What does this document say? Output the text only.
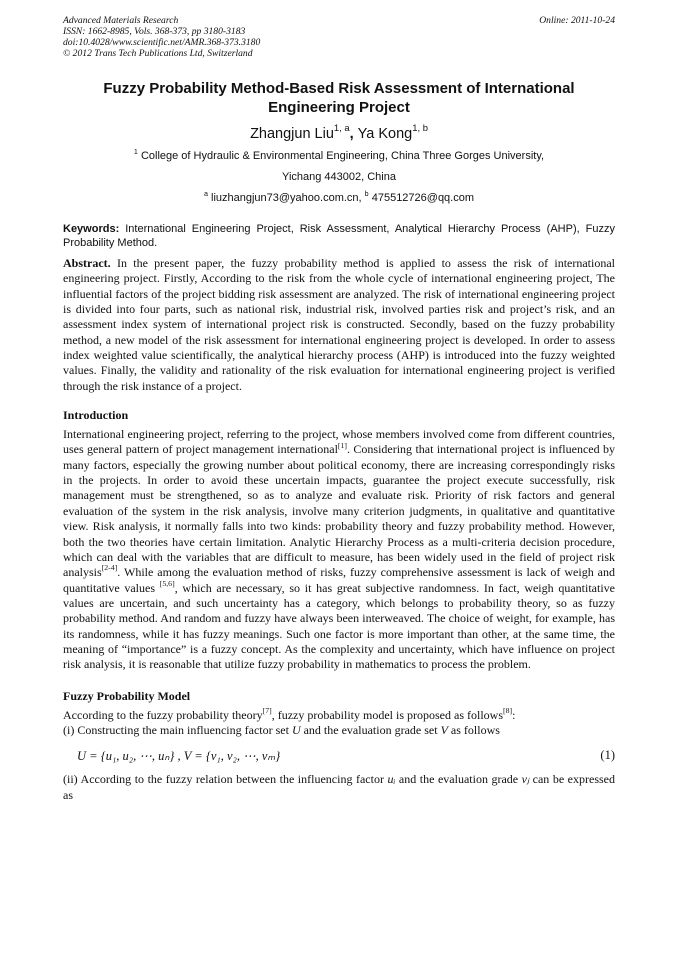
Advanced Materials Research
ISSN: 1662-8985, Vols. 368-373, pp 3180-3183
doi:10.4028/www.scientific.net/AMR.368-373.3180
© 2012 Trans Tech Publications Ltd, Switzerland
Online: 2011-10-24
Fuzzy Probability Method-Based Risk Assessment of International Engineering Project
Zhangjun Liu$^{1, a}$, Ya Kong$^{1, b}$
$^1$ College of Hydraulic & Environmental Engineering, China Three Gorges University,
Yichang 443002, China
$^a$ liuzhangjun73@yahoo.com.cn, $^b$ 475512726@qq.com
Keywords: International Engineering Project, Risk Assessment, Analytical Hierarchy Process (AHP), Fuzzy Probability Method.
Abstract. In the present paper, the fuzzy probability method is applied to assess the risk of international engineering project. Firstly, According to the risk from the whole cycle of international engineering project, The influential factors of the project bidding risk assessment are analyzed. The risk of international engineering project is divided into four parts, such as national risk, industrial risk, involved parties risk and project’s risk, and an assessment index system of international project risk is constructed. Secondly, based on the fuzzy probability method, a new model of the risk assessment for international engineering project is developed. In order to assess index weighted value scientifically, the analytical hierarchy process (AHP) is introduced into the fuzzy weighted values. Finally, the validity and rationality of the risk evaluation for international engineering project is verified through the risk instance of a project.
Introduction
International engineering project, referring to the project, whose members involved come from different countries, uses general pattern of project management international[1]. Considering that international project is influenced by many factors, especially the growing number about political economy, there are increasing correspondingly risks in the projects. In order to avoid these uncertain impacts, guarantee the project execute successfully, risk management must be strengthened, so as to analyze and evaluate risk. Priority of risk factors and general evaluation of the system in the risk analysis, involve many criterion judgments, in qualitative and quantitative view. Risk analysis, it normally falls into two kinds: probability theory and fuzzy probability method. However, both the two theories have certain limitation. Analytic Hierarchy Process as a multi-criteria decision procedure, which can deal with the variables that are difficult to measure, has been widely used in the field of project risk analysis[2-4]. While among the evaluation method of risks, fuzzy comprehensive assessment is lack of weigh and quantitative values [5,6], which are necessary, so it has great subjective randomness. In fact, weigh quantitative values are uncertain, and such uncertainty has a category, which belongs to probability theory, so as fuzzy probability method. And random and fuzzy have always been interweaved. The choice of weight, for example, has its randomness, while it has fuzzy meanings. Such one factor is more important than other, at the same time, the meaning of “importance” is a fuzzy concept. As the complexity and uncertainty, which have influence on project risk analysis, it is reasonable that utilize fuzzy probability in mathematics to process the problem.
Fuzzy Probability Model
According to the fuzzy probability theory[7], fuzzy probability model is proposed as follows[8]:
(i) Constructing the main influencing factor set U and the evaluation grade set V as follows
U = {u₁, u₂, ⋯, uₙ} , V = {v₁, v₂, ⋯, vₘ}	(1)
(ii) According to the fuzzy relation between the influencing factor uᵢ and the evaluation grade vⱼ can be expressed as
